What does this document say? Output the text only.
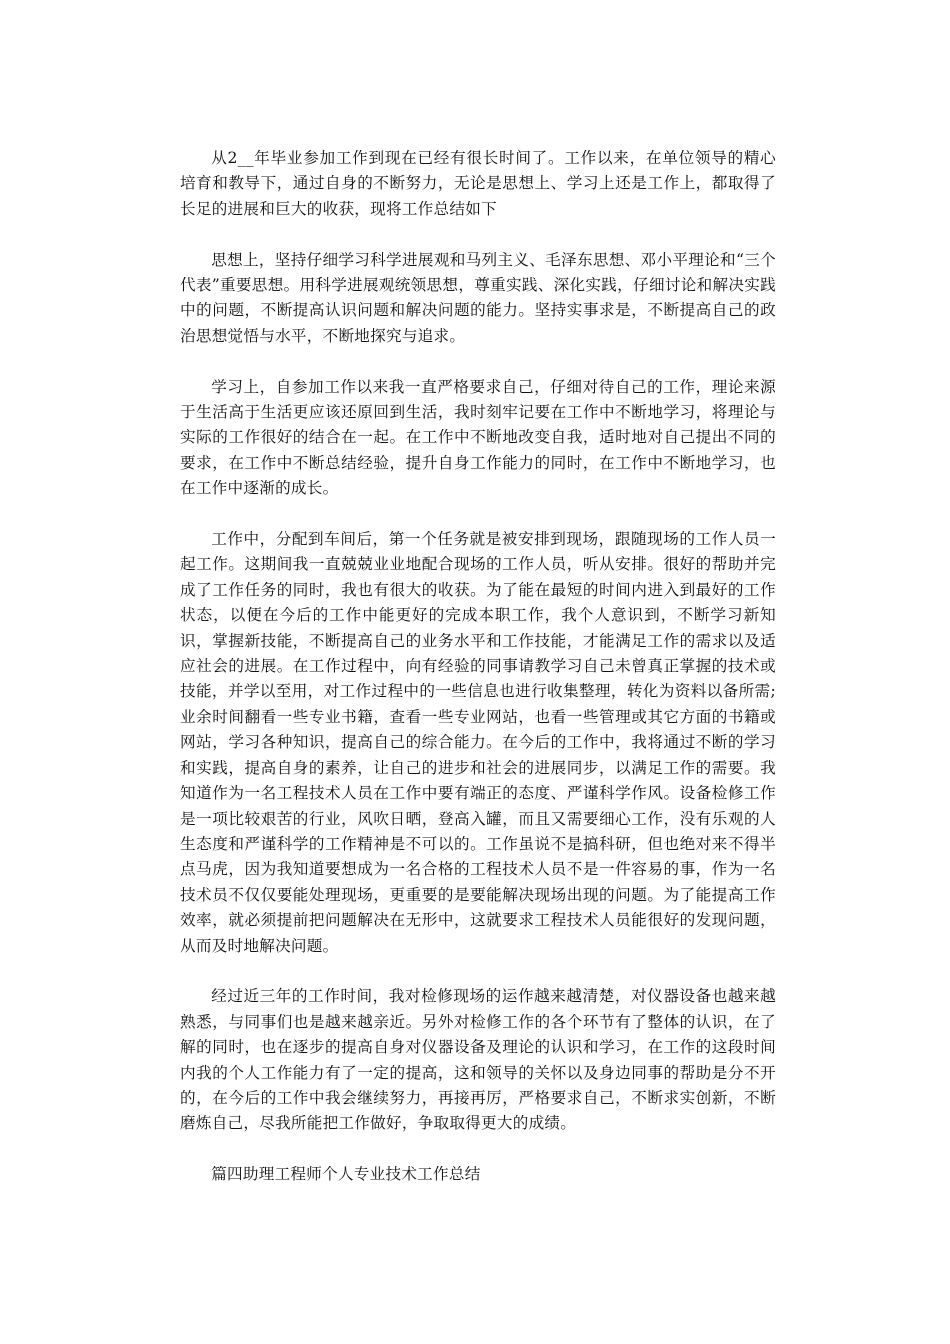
从2__年毕业参加工作到现在已经有很长时间了。工作以来，在单位领导的精心培育和教导下，通过自身的不断努力，无论是思想上、学习上还是工作上，都取得了长足的进展和巨大的收获，现将工作总结如下

思想上，坚持仔细学习科学进展观和马列主义、毛泽东思想、邓小平理论和“三个代表”重要思想。用科学进展观统领思想，尊重实践、深化实践，仔细讨论和解决实践中的问题，不断提高认识问题和解决问题的能力。坚持实事求是，不断提高自己的政治思想觉悟与水平，不断地探究与追求。

学习上，自参加工作以来我一直严格要求自己，仔细对待自己的工作，理论来源于生活高于生活更应该还原回到生活，我时刻牢记要在工作中不断地学习，将理论与实际的工作很好的结合在一起。在工作中不断地改变自我，适时地对自己提出不同的要求，在工作中不断总结经验，提升自身工作能力的同时，在工作中不断地学习，也在工作中逐渐的成长。

工作中，分配到车间后，第一个任务就是被安排到现场，跟随现场的工作人员一起工作。这期间我一直兢兢业业地配合现场的工作人员，听从安排。很好的帮助并完成了工作任务的同时，我也有很大的收获。为了能在最短的时间内进入到最好的工作状态，以便在今后的工作中能更好的完成本职工作，我个人意识到，不断学习新知识，掌握新技能，不断提高自己的业务水平和工作技能，才能满足工作的需求以及适应社会的进展。在工作过程中，向有经验的同事请教学习自己未曾真正掌握的技术或技能，并学以至用，对工作过程中的一些信息也进行收集整理，转化为资料以备所需;业余时间翻看一些专业书籍，查看一些专业网站，也看一些管理或其它方面的书籍或网站，学习各种知识，提高自己的综合能力。在今后的工作中，我将通过不断的学习和实践，提高自身的素养，让自己的进步和社会的进展同步，以满足工作的需要。我知道作为一名工程技术人员在工作中要有端正的态度、严谨科学作风。设备检修工作是一项比较艰苦的行业，风吹日晒，登高入罐，而且又需要细心工作，没有乐观的人生态度和严谨科学的工作精神是不可以的。工作虽说不是搞科研，但也绝对来不得半点马虎，因为我知道要想成为一名合格的工程技术人员不是一件容易的事，作为一名技术员不仅仅要能处理现场，更重要的是要能解决现场出现的问题。为了能提高工作效率，就必须提前把问题解决在无形中，这就要求工程技术人员能很好的发现问题，从而及时地解决问题。

经过近三年的工作时间，我对检修现场的运作越来越清楚，对仪器设备也越来越熟悉，与同事们也是越来越亲近。另外对检修工作的各个环节有了整体的认识，在了解的同时，也在逐步的提高自身对仪器设备及理论的认识和学习，在工作的这段时间内我的个人工作能力有了一定的提高，这和领导的关怀以及身边同事的帮助是分不开的，在今后的工作中我会继续努力，再接再厉，严格要求自己，不断求实创新，不断磨炼自己，尽我所能把工作做好，争取取得更大的成绩。

篇四助理工程师个人专业技术工作总结
